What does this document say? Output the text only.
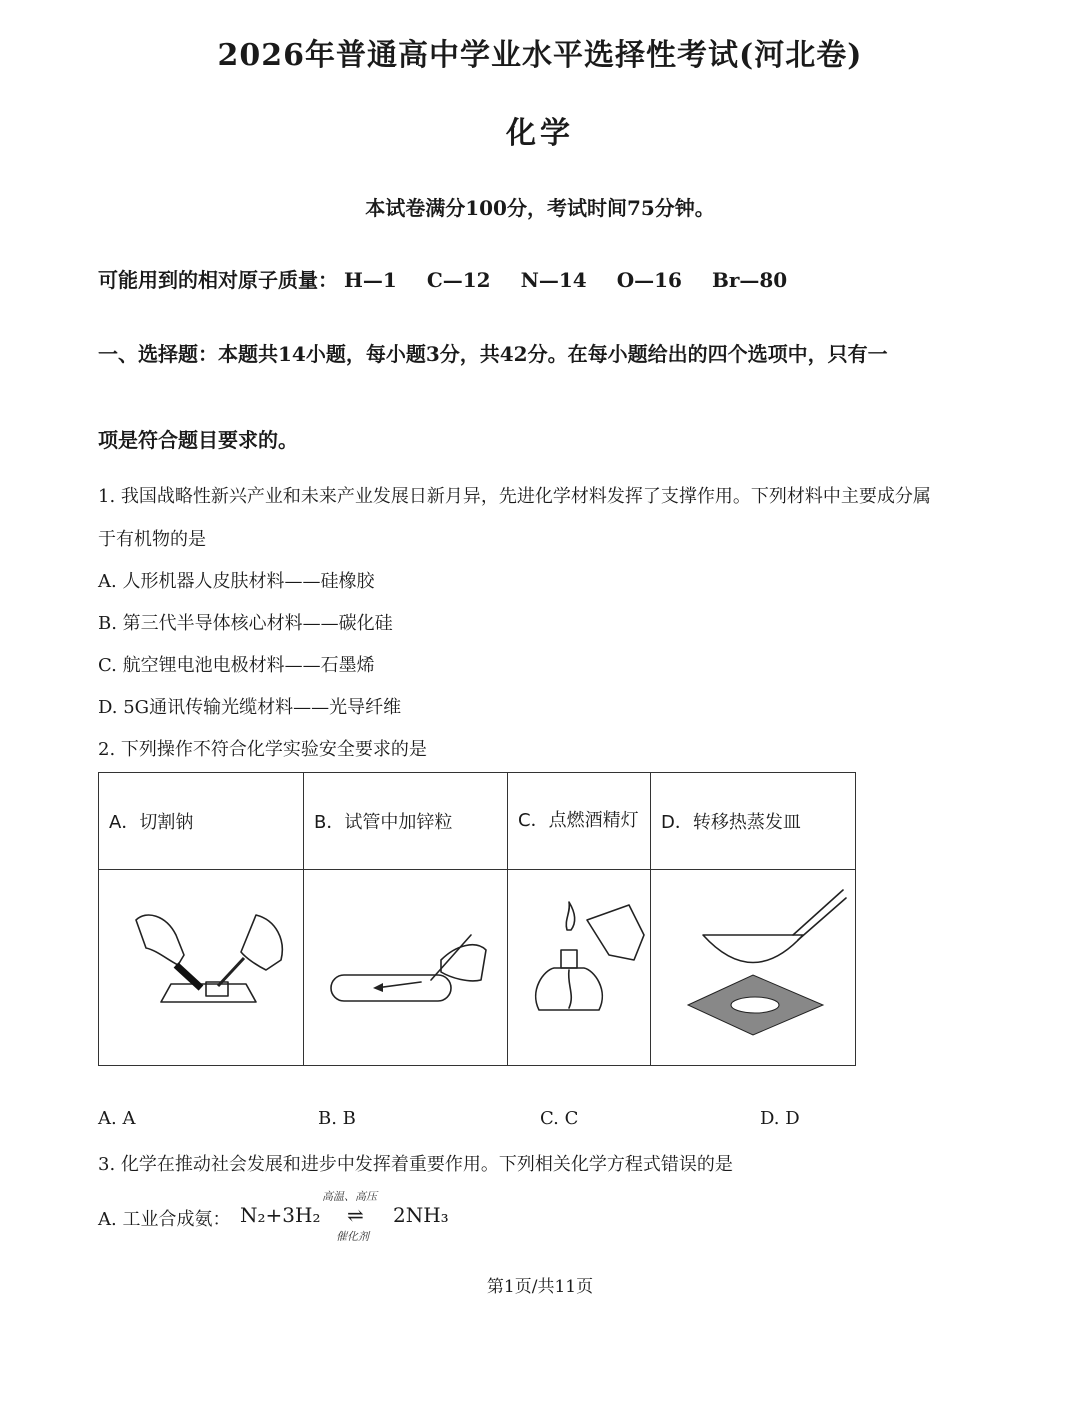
2026年普通高中学业水平选择性考试(河北卷)
化学
本试卷满分100分，考试时间75分钟。
可能用到的相对原子质量： H—1 C—12 N—14 O—16 Br—80
一、选择题：本题共14小题，每小题3分，共42分。在每小题给出的四个选项中，只有一
项是符合题目要求的。
1. 我国战略性新兴产业和未来产业发展日新月异，先进化学材料发挥了支撑作用。下列材料中主要成分属
于有机物的是
A. 人形机器人皮肤材料——硅橡胶
B. 第三代半导体核心材料——碳化硅
C. 航空锂电池电极材料——石墨烯
D. 5G通讯传输光缆材料——光导纤维
2. 下列操作不符合化学实验安全要求的是
A．切割钠	B．试管中加锌粒	C．点燃酒精灯	D．转移热蒸发皿

A. A	B. B	C. C	D. D
3. 化学在推动社会发展和进步中发挥着重要作用。下列相关化学方程式错误的是
A. 工业合成氨： N₂+3H₂
高温、高压
⇌
催化剂
2NH₃
第1页/共11页
